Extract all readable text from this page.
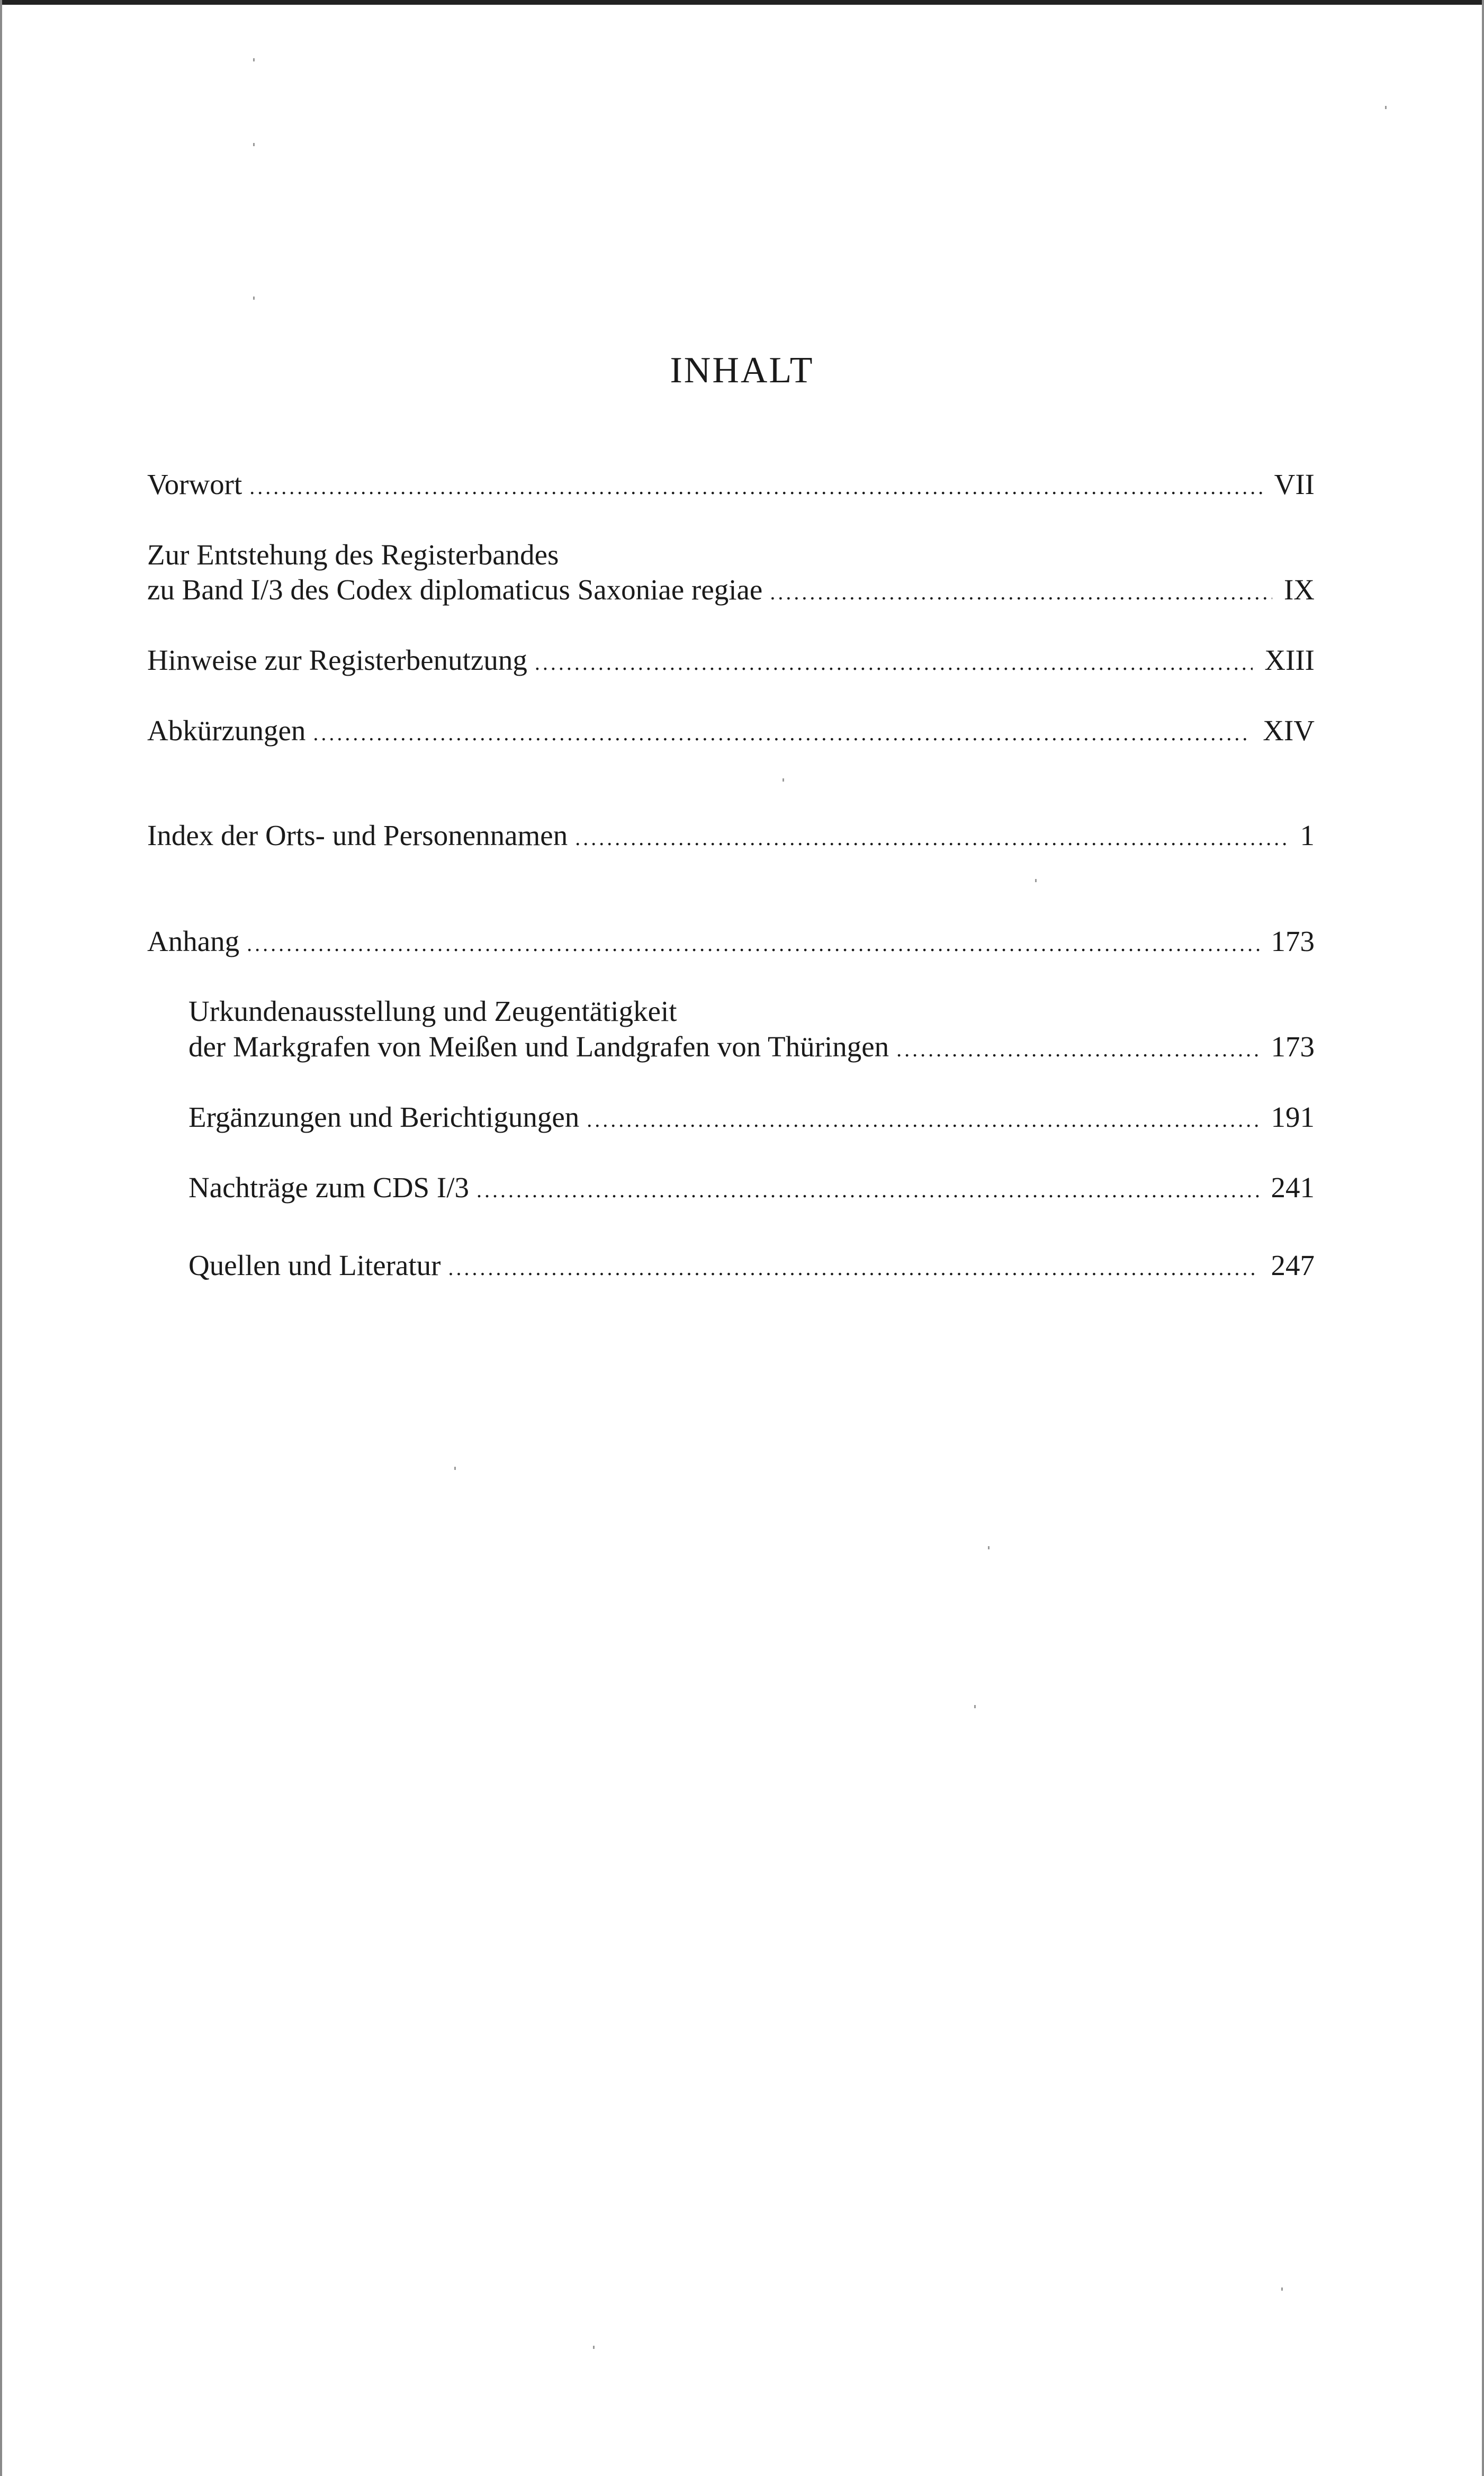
INHALT
Vorwort .....	VII
Zur Entstehung des Registerbandes
zu Band I/3 des Codex diplomaticus Saxoniae regiae .....	IX
Hinweise zur Registerbenutzung .....	XIII
Abkürzungen .....	XIV
Index der Orts- und Personennamen .....	1
Anhang .....	173
Urkundenausstellung und Zeugentätigkeit
der Markgrafen von Meißen und Landgrafen von Thüringen .....	173
Ergänzungen und Berichtigungen .....	191
Nachträge zum CDS I/3 .....	241
Quellen und Literatur .....	247
